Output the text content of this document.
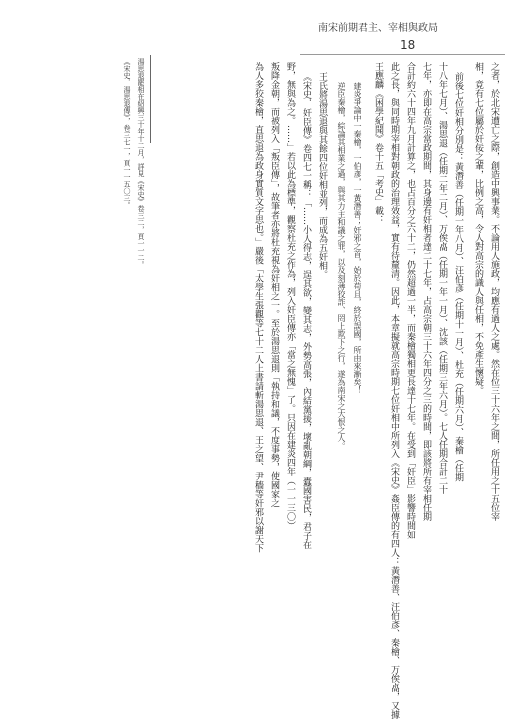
南宋前期君主、宰相與政局
18
之者，於北宋遭亡之際，創造中興事業。不論用人施政，均應有過人之處。然在位三十六年之間，所任用之十五位宰
相，竟有七位屬於奸佞之輩，比例之高，令人對高宗的識人與任相，不免產生懷疑。
前後七位奸相分別是：黃潛善（任期一年八月）、汪伯彥（任期十一月）、杜充（任期六月）、秦檜（任期
十八年七月）、湯思退（任期二年二月）、万俟卨（任期一年一月）、沈該（任期三年六月）。七人任期合計二十
七年，亦即在高宗當政期間，其身邊有奸相者達二十七年，占高宗朝三十六年四分之三的時間，即該將所有宰相任期
合計約六十四年九月計算之，也占百分之六十二，仍然超過一半，而秦檜獨相更長達十七年。在受到「奸臣」影響時間如
此之長，與同時期宰相對朝政的治理效益，實有待釐清。因此，本章擬就高宗時期七位奸相中所列入《宋史》姦臣傳的有四人：黃潛善、汪伯彥、秦檜、万俟卨，又據
王應麟《困學紀聞》卷十五「考史」載：
建炎爭論中一秦檜，一伯彥，一黃潛善；奸邪之首，始於苟且，終於誤國，所由來漸矣！
逆臣秦檜，綜論其相業之過，與其力主和議之罪，以及刻薄狡詐、罔上欺下之行，遂為南宋之大恨之人。
王氏將湯思退與其餘四位奸相並列，而成為五奸相。
《宋史．奸臣傳》卷四七一稱：「……小人得志，逞其欲，變其志，外勢高張，內結黨援，壞亂朝綱，蠹國害民，君子在
野，無與為之。……」若以此為標準，觀察杜充之作為，列入奸臣傳亦「當之無愧」了。只因在建炎四年（一一三〇）
叛降金朝，而被列入「叛臣傳」，故筆者亦將杜充視為奸相之一。至於湯思退則「執持和議，不度事勢，使國家之
為人多狡秦檜，直思退為政身實質文字思也。」嚴後「太學生張觀等七十二人上書請斬湯思退、王之望、尹穡等奸邪以謝天下
湯思退罷相在紹興三十年十二月，詳見《宋史》卷三二，頁一一二。
《宋史．湯思退傳》，卷三七一，頁一一五〇三。
